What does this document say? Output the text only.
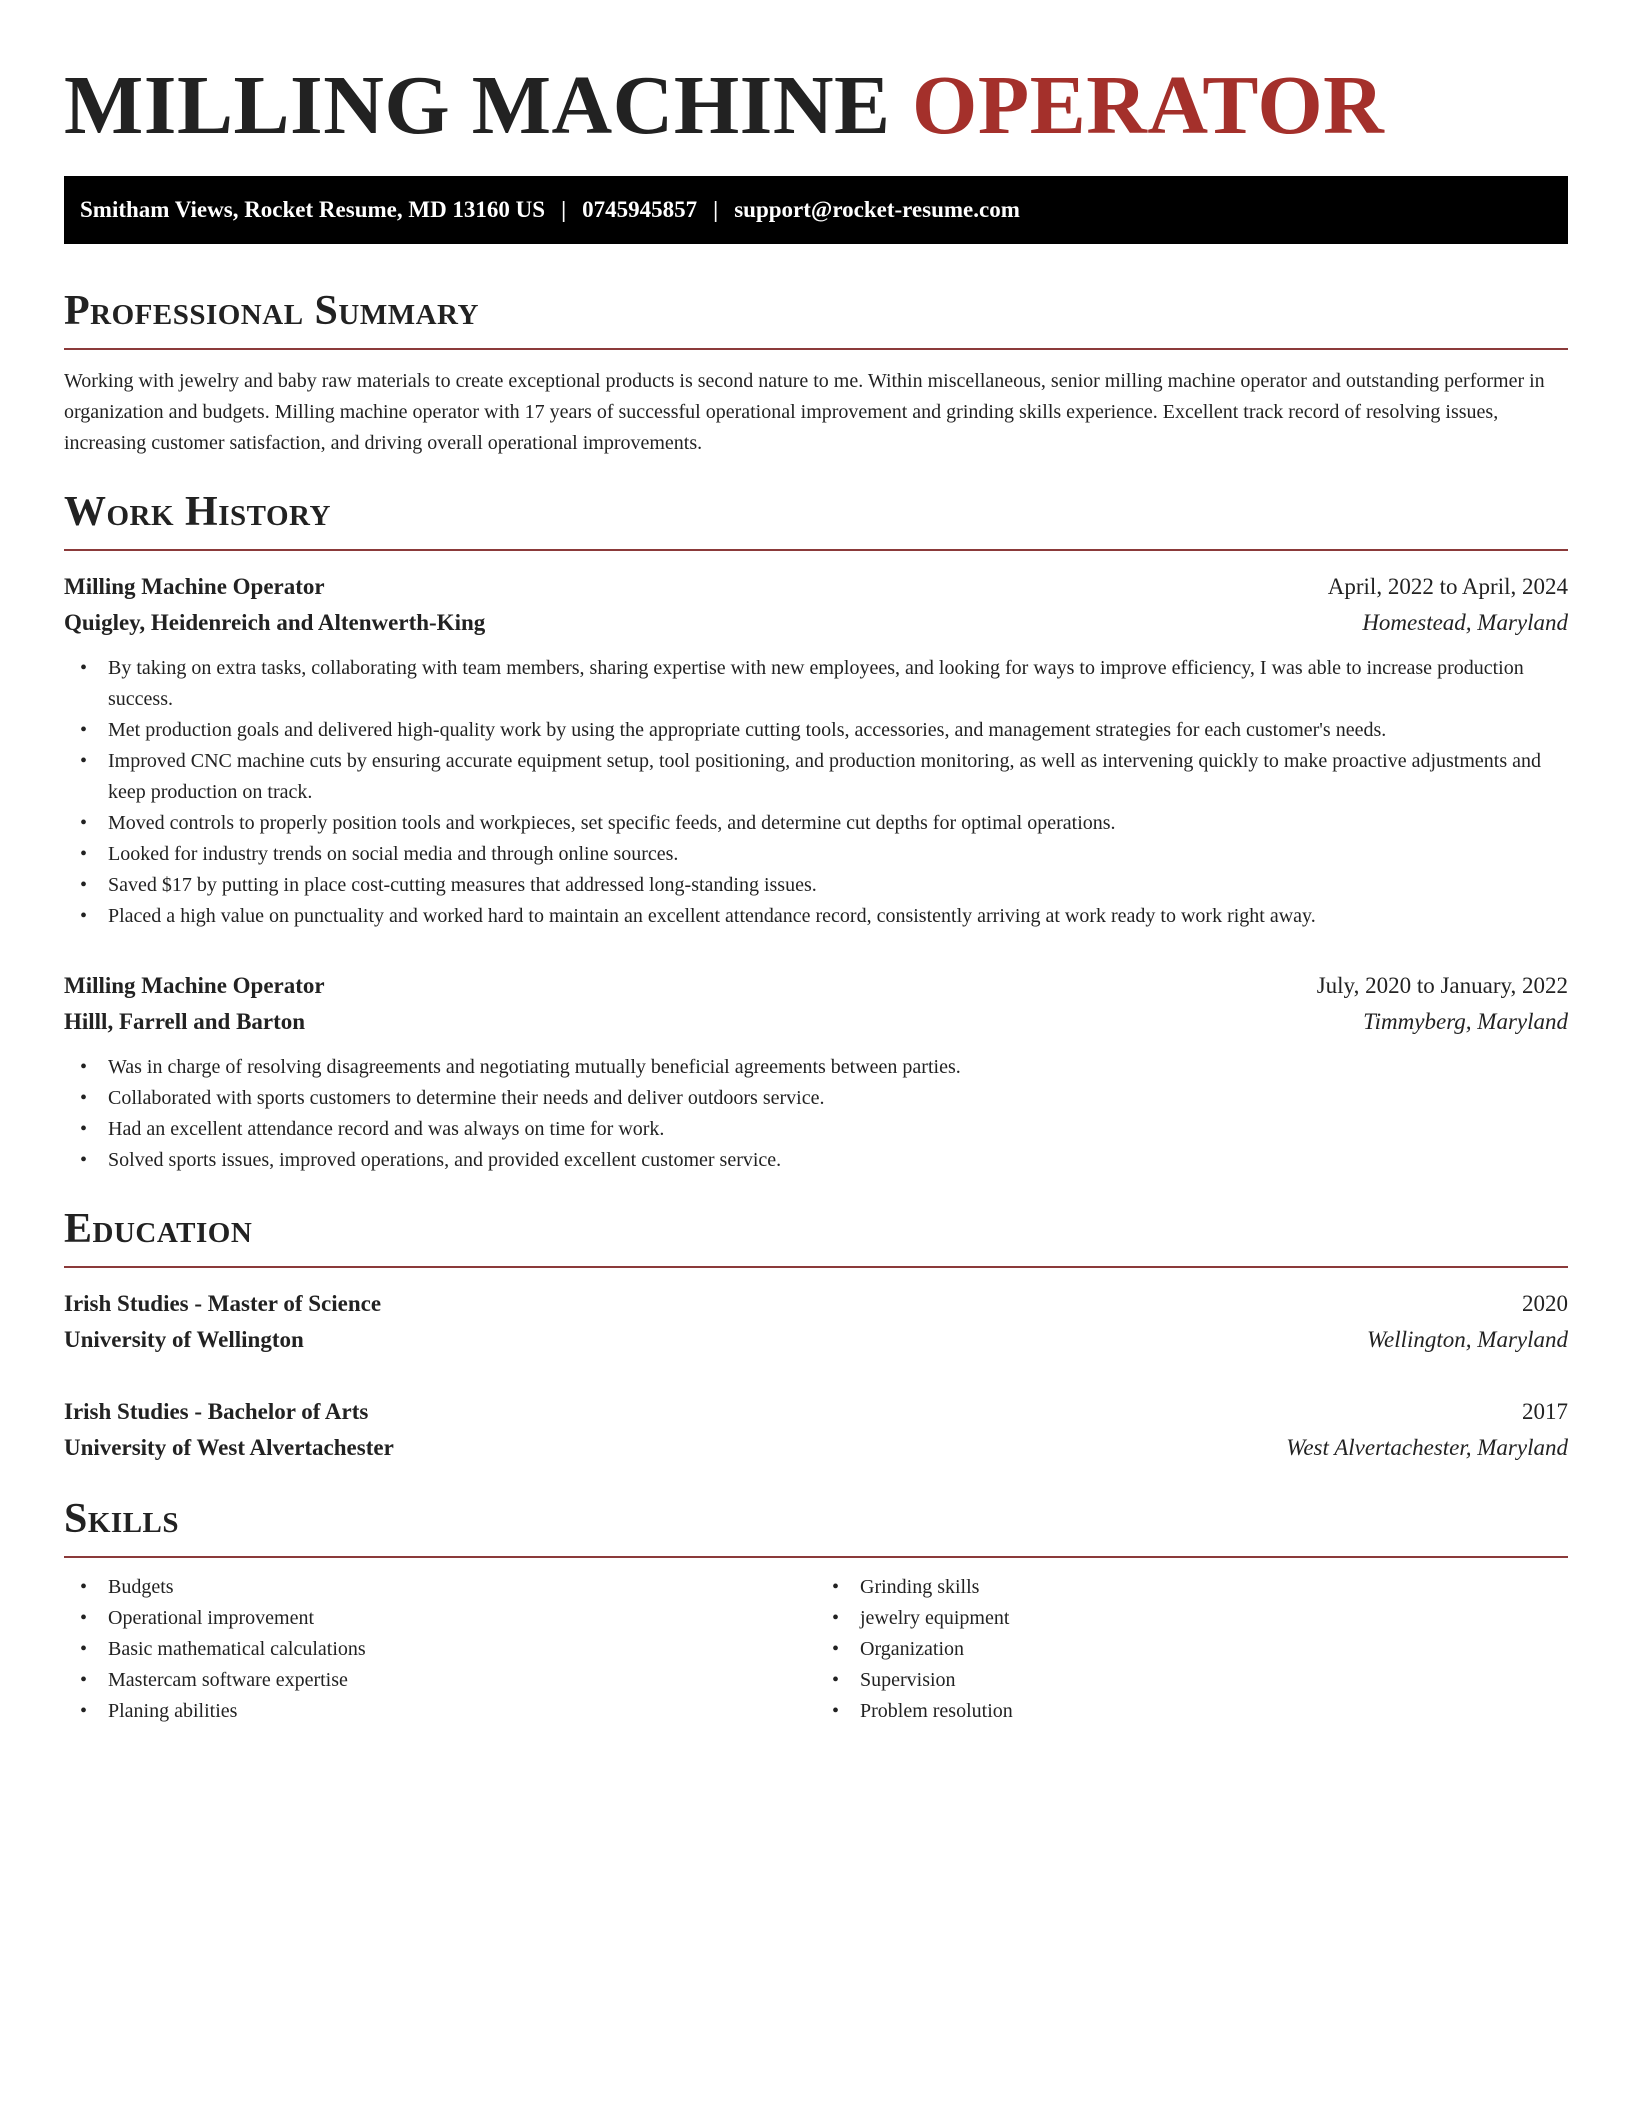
MILLING MACHINE OPERATOR
Smitham Views, Rocket Resume, MD 13160 US | 0745945857 | support@rocket-resume.com
Professional Summary

Working with jewelry and baby raw materials to create exceptional products is second nature to me. Within miscellaneous, senior milling machine operator and outstanding performer in organization and budgets. Milling machine operator with 17 years of successful operational improvement and grinding skills experience. Excellent track record of resolving issues, increasing customer satisfaction, and driving overall operational improvements.

Work History
Milling Machine Operator	April, 2022 to April, 2024
Quigley, Heidenreich and Altenwerth-King	Homestead, Maryland
• By taking on extra tasks, collaborating with team members, sharing expertise with new employees, and looking for ways to improve efficiency, I was able to increase production success.
• Met production goals and delivered high-quality work by using the appropriate cutting tools, accessories, and management strategies for each customer's needs.
• Improved CNC machine cuts by ensuring accurate equipment setup, tool positioning, and production monitoring, as well as intervening quickly to make proactive adjustments and keep production on track.
• Moved controls to properly position tools and workpieces, set specific feeds, and determine cut depths for optimal operations.
• Looked for industry trends on social media and through online sources.
• Saved $17 by putting in place cost-cutting measures that addressed long-standing issues.
• Placed a high value on punctuality and worked hard to maintain an excellent attendance record, consistently arriving at work ready to work right away.
Milling Machine Operator	July, 2020 to January, 2022
Hilll, Farrell and Barton	Timmyberg, Maryland
• Was in charge of resolving disagreements and negotiating mutually beneficial agreements between parties.
• Collaborated with sports customers to determine their needs and deliver outdoors service.
• Had an excellent attendance record and was always on time for work.
• Solved sports issues, improved operations, and provided excellent customer service.
Education
Irish Studies - Master of Science	2020
University of Wellington	Wellington, Maryland
Irish Studies - Bachelor of Arts	2017
University of West Alvertachester	West Alvertachester, Maryland
Skills
• Budgets
• Operational improvement
• Basic mathematical calculations
• Mastercam software expertise
• Planing abilities
• Grinding skills
• jewelry equipment
• Organization
• Supervision
• Problem resolution
